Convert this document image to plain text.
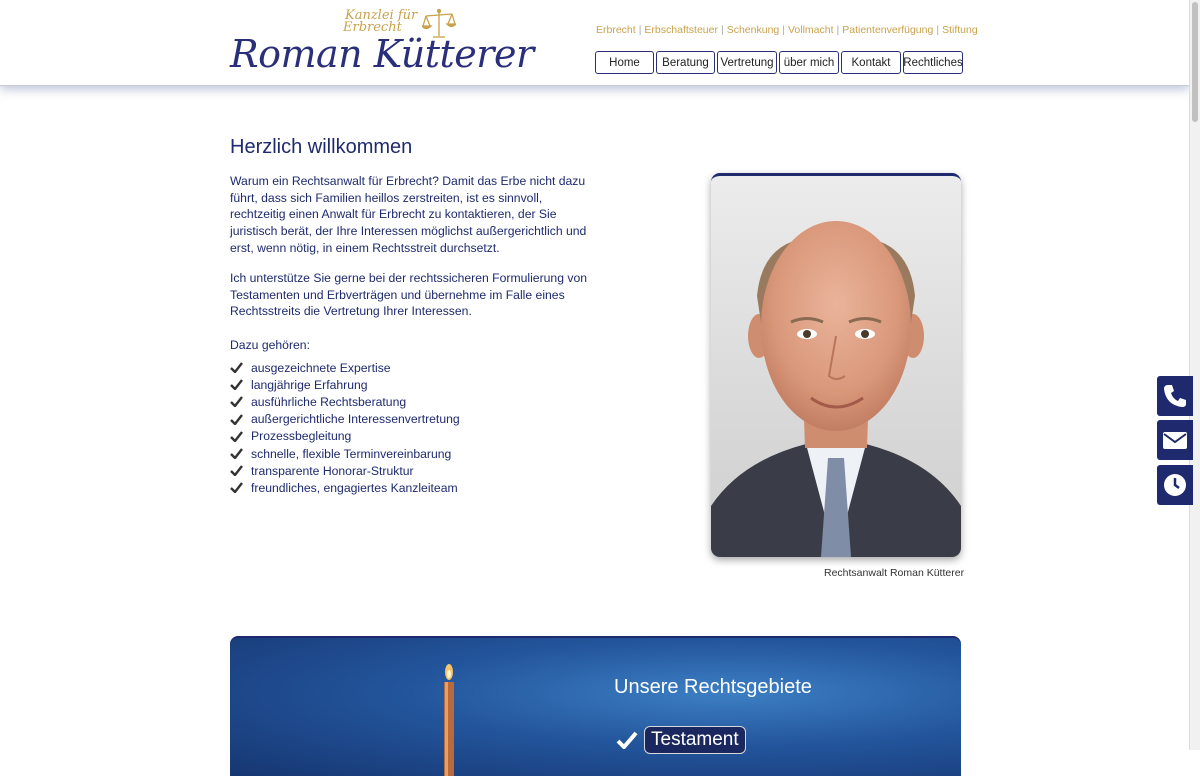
Kanzlei für
Erbrecht
Roman Kütterer
Erbrecht | Erbschaftsteuer | Schenkung | Vollmacht | Patientenverfügung | Stiftung
Home	Beratung	Vertretung über mich	Kontakt	Rechtliches
Herzlich willkommen

Warum ein Rechtsanwalt für Erbrecht? Damit das Erbe nicht dazu führt, dass sich Familien heillos zerstreiten, ist es sinnvoll, rechtzeitig einen Anwalt für Erbrecht zu kontaktieren, der Sie juristisch berät, der Ihre Interessen möglichst außergerichtlich und erst, wenn nötig, in einem Rechtsstreit durchsetzt.

Ich unterstütze Sie gerne bei der rechtssicheren Formulierung von Testamenten und Erbverträgen und übernehme im Falle eines Rechtsstreits die Vertretung Ihrer Interessen.

Dazu gehören:

ausgezeichnete Expertise
langjährige Erfahrung
ausführliche Rechtsberatung
außergerichtliche Interessenvertretung
Prozessbegleitung
schnelle, flexible Terminvereinbarung
transparente Honorar-Struktur
freundliches, engagiertes Kanzleiteam
Rechtsanwalt Roman Kütterer
Unsere Rechtsgebiete
Testament
